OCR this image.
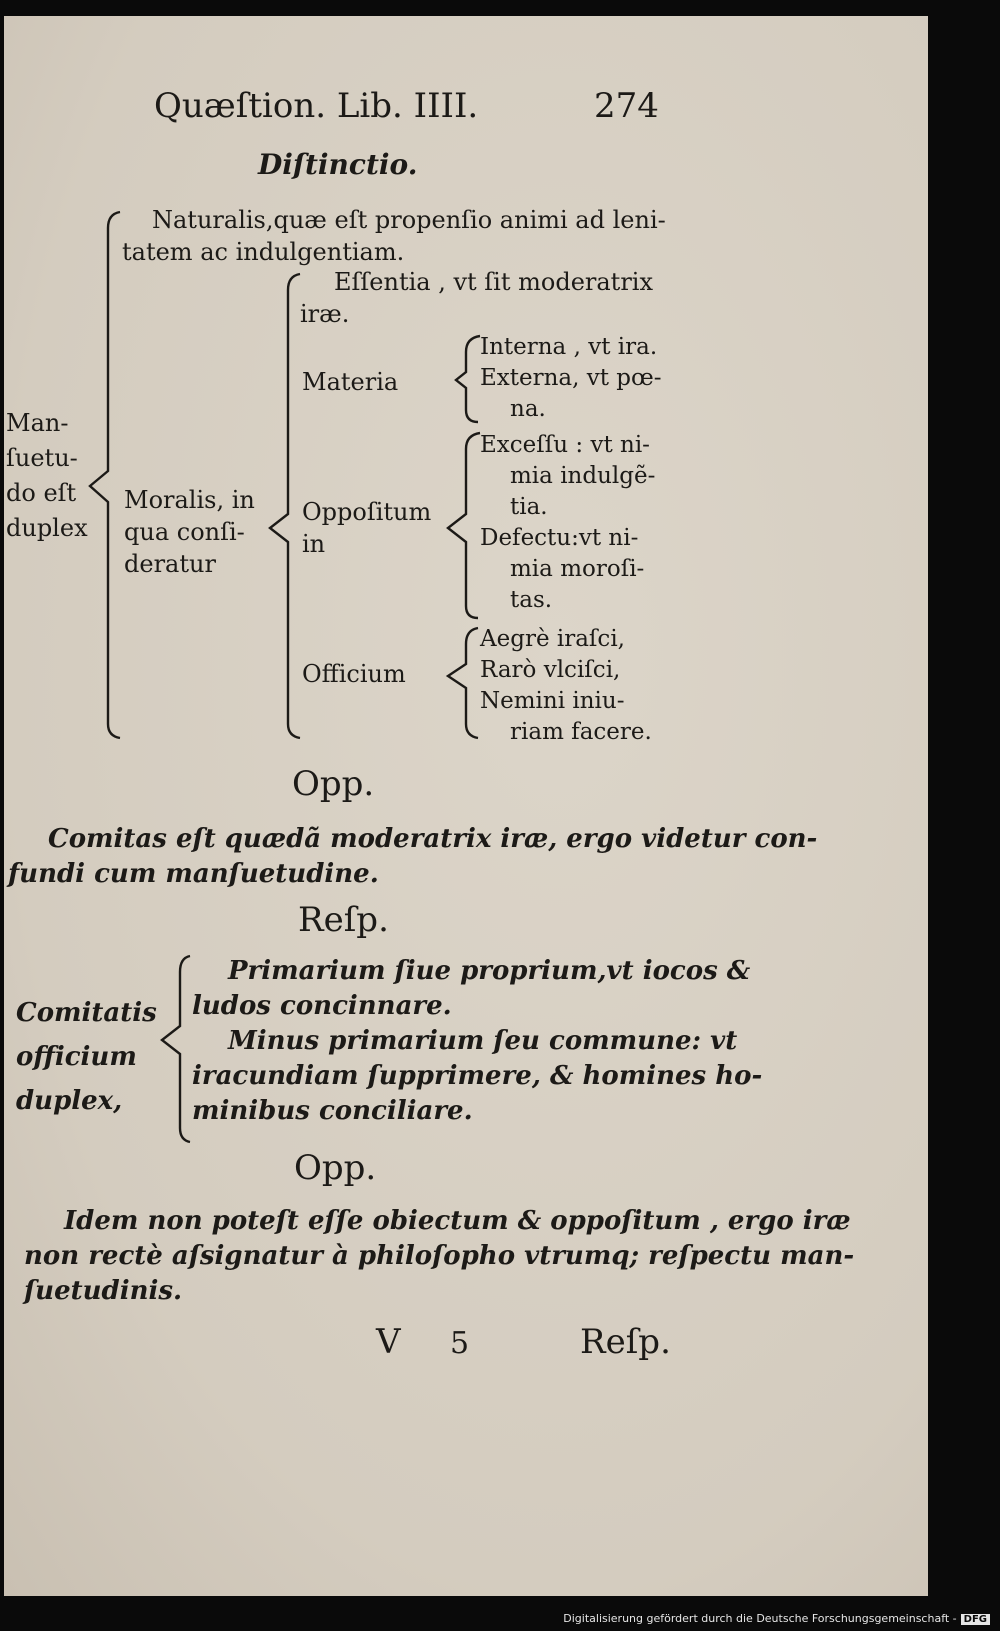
Quæſtion. Lib. IIII.	274
Diſtinctio.
Man-
ſuetu-
do eſt
duplex
Naturalis,quæ eſt propenſio animi ad leni-
tatem ac indulgentiam.
Moralis, in
qua conſi-
deratur
Eſſentia , vt ſit moderatrix
iræ.
Materia
Interna , vt ira.
Externa, vt pœ-
na.
Oppoſitum
in
Exceſſu : vt ni-
mia indulgẽ-
tia.
Defectu:vt ni-
mia moroſi-
tas.
Officium
Aegrè iraſci,
Rarò vlciſci,
Nemini iniu-
riam facere.
Opp.
Comitas eſt quædã moderatrix iræ, ergo videtur con-
fundi cum manſuetudine.
Reſp.
Comitatis
officium
duplex,
Primarium ſiue proprium,vt iocos &
ludos concinnare.
Minus primarium ſeu commune: vt
iracundiam ſupprimere, & homines ho-
minibus conciliare.
Opp.
Idem non poteſt eſſe obiectum & oppoſitum , ergo iræ
non rectè aſsignatur à philoſopho vtrumq; reſpectu man-
ſuetudinis.
V 5	Reſp.
Digitalisierung gefördert durch die Deutsche Forschungsgemeinschaft - DFG
